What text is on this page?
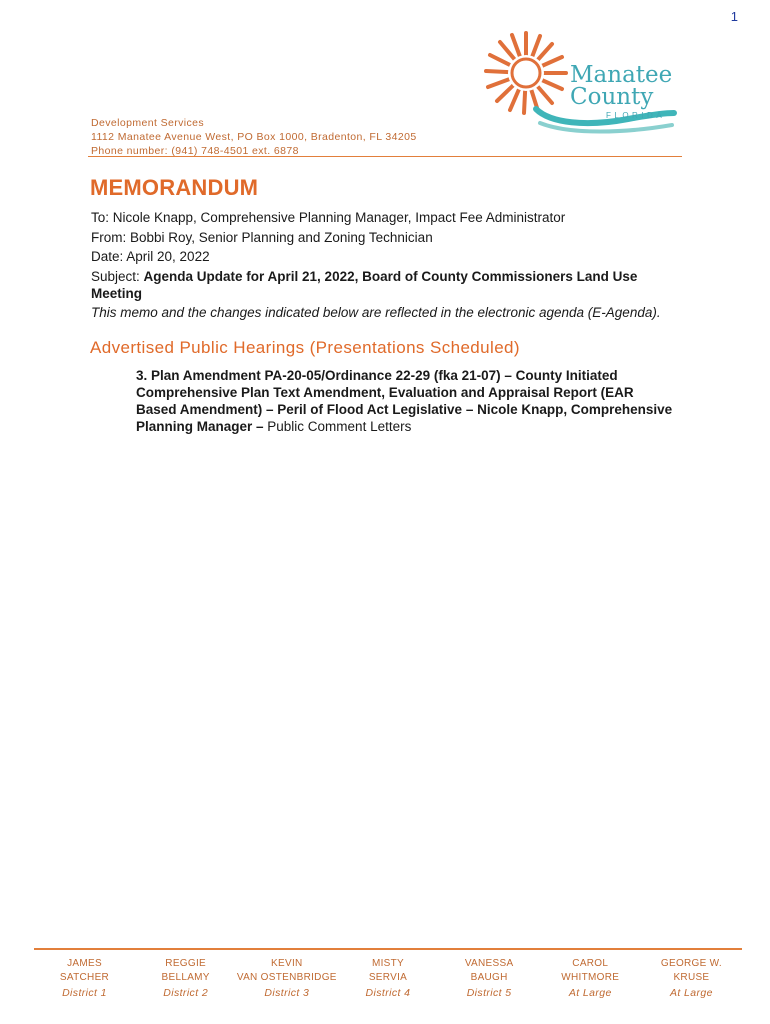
1
Manatee
County
FLORIDA
Development Services
1112 Manatee Avenue West, PO Box 1000, Bradenton, FL 34205
Phone number: (941) 748-4501 ext. 6878
MEMORANDUM

To: Nicole Knapp, Comprehensive Planning Manager, Impact Fee Administrator

From: Bobbi Roy, Senior Planning and Zoning Technician

Date: April 20, 2022

Subject: Agenda Update for April 21, 2022, Board of County Commissioners Land Use Meeting

This memo and the changes indicated below are reflected in the electronic agenda (E-Agenda).

Advertised Public Hearings (Presentations Scheduled)
3. Plan Amendment PA-20-05/Ordinance 22-29 (fka 21-07) – County Initiated Comprehensive Plan Text Amendment, Evaluation and Appraisal Report (EAR Based Amendment) – Peril of Flood Act Legislative – Nicole Knapp, Comprehensive Planning Manager – Public Comment Letters
JAMES
SATCHER
District 1
REGGIE
BELLAMY
District 2
KEVIN
VAN OSTENBRIDGE
District 3
MISTY
SERVIA
District 4
VANESSA
BAUGH
District 5
CAROL
WHITMORE
At Large
GEORGE W.
KRUSE
At Large
